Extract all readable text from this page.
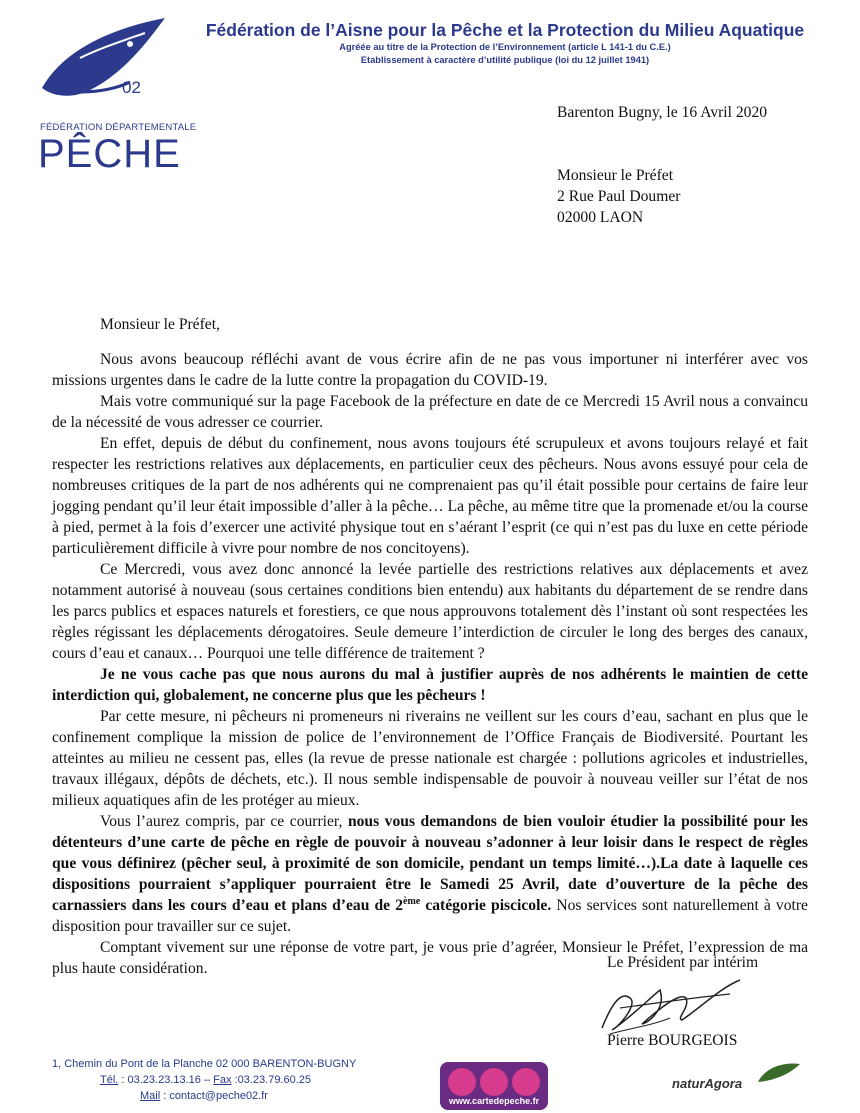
02
FÉDÉRATION DÉPARTEMENTALE
PÊCHE
Fédération de l’Aisne pour la Pêche et la Protection du Milieu Aquatique
Agréée au titre de la Protection de l’Environnement (article L 141-1 du C.E.)
Etablissement à caractère d’utilité publique (loi du 12 juillet 1941)
Barenton Bugny, le 16 Avril 2020
Monsieur le Préfet
2 Rue Paul Doumer
02000 LAON
Monsieur le Préfet,

Nous avons beaucoup réfléchi avant de vous écrire afin de ne pas vous importuner ni interférer avec vos missions urgentes dans le cadre de la lutte contre la propagation du COVID-19.

Mais votre communiqué sur la page Facebook de la préfecture en date de ce Mercredi 15 Avril nous a convaincu de la nécessité de vous adresser ce courrier.

En effet, depuis de début du confinement, nous avons toujours été scrupuleux et avons toujours relayé et fait respecter les restrictions relatives aux déplacements, en particulier ceux des pêcheurs. Nous avons essuyé pour cela de nombreuses critiques de la part de nos adhérents qui ne comprenaient pas qu’il était possible pour certains de faire leur jogging pendant qu’il leur était impossible d’aller à la pêche… La pêche, au même titre que la promenade et/ou la course à pied, permet à la fois d’exercer une activité physique tout en s’aérant l’esprit (ce qui n’est pas du luxe en cette période particulièrement difficile à vivre pour nombre de nos concitoyens).

Ce Mercredi, vous avez donc annoncé la levée partielle des restrictions relatives aux déplacements et avez notamment autorisé à nouveau (sous certaines conditions bien entendu) aux habitants du département de se rendre dans les parcs publics et espaces naturels et forestiers, ce que nous approuvons totalement dès l’instant où sont respectées les règles régissant les déplacements dérogatoires. Seule demeure l’interdiction de circuler le long des berges des canaux, cours d’eau et canaux… Pourquoi une telle différence de traitement ?

Je ne vous cache pas que nous aurons du mal à justifier auprès de nos adhérents le maintien de cette interdiction qui, globalement, ne concerne plus que les pêcheurs !

Par cette mesure, ni pêcheurs ni promeneurs ni riverains ne veillent sur les cours d’eau, sachant en plus que le confinement complique la mission de police de l’environnement de l’Office Français de Biodiversité. Pourtant les atteintes au milieu ne cessent pas, elles (la revue de presse nationale est chargée : pollutions agricoles et industrielles, travaux illégaux, dépôts de déchets, etc.). Il nous semble indispensable de pouvoir à nouveau veiller sur l’état de nos milieux aquatiques afin de les protéger au mieux.

Vous l’aurez compris, par ce courrier, nous vous demandons de bien vouloir étudier la possibilité pour les détenteurs d’une carte de pêche en règle de pouvoir à nouveau s’adonner à leur loisir dans le respect de règles que vous définirez (pêcher seul, à proximité de son domicile, pendant un temps limité…).La date à laquelle ces dispositions pourraient s’appliquer pourraient être le Samedi 25 Avril, date d’ouverture de la pêche des carnassiers dans les cours d’eau et plans d’eau de 2ème catégorie piscicole. Nos services sont naturellement à votre disposition pour travailler sur ce sujet.

Comptant vivement sur une réponse de votre part, je vous prie d’agréer, Monsieur le Préfet, l’expression de ma plus haute considération.	Le Président par intérim
Pierre BOURGEOIS
1, Chemin du Pont de la Planche 02 000 BARENTON-BUGNY
Tél. : 03.23.23.13.16 – Fax :03.23.79.60.25
Mail : contact@peche02.fr	www.cartedepeche.fr
naturAgora
